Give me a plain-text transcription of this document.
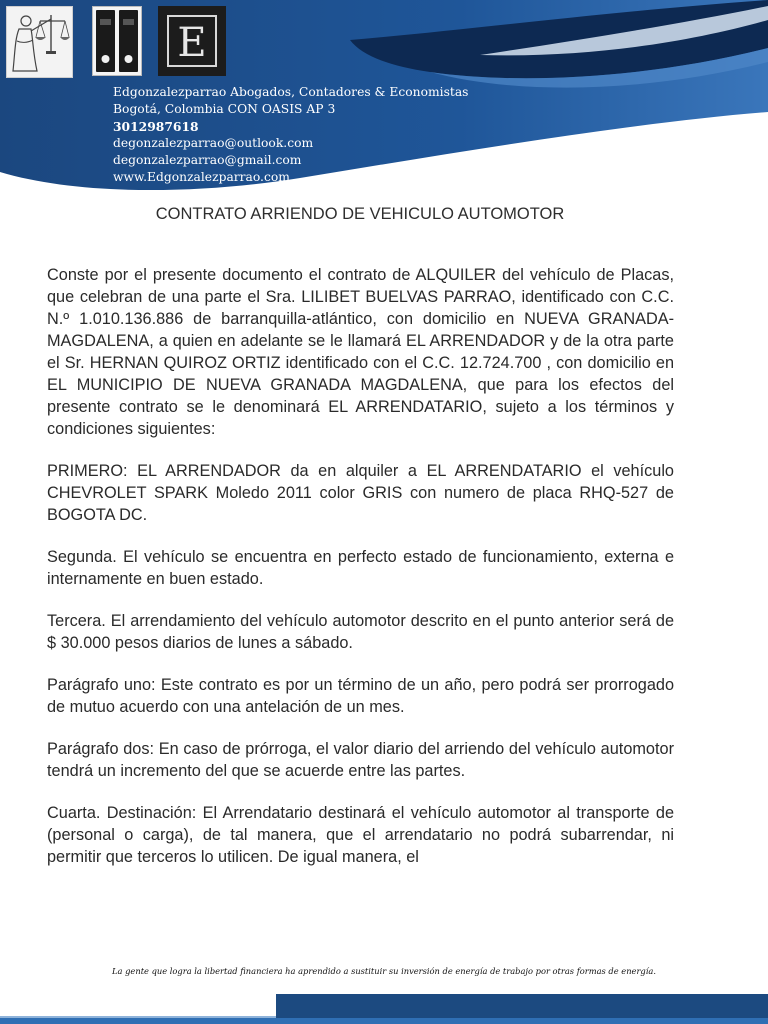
E
Edgonzalezparrao Abogados, Contadores & Economistas
Bogotá, Colombia CON OASIS AP 3
3012987618
degonzalezparrao@outlook.com
degonzalezparrao@gmail.com
www.Edgonzalezparrao.com
CONTRATO ARRIENDO DE VEHICULO AUTOMOTOR

Conste por el presente documento el contrato de ALQUILER del vehículo de Placas, que celebran de una parte el Sra. LILIBET BUELVAS PARRAO, identificado con C.C. N.º 1.010.136.886 de barranquilla-atlántico, con domicilio en NUEVA GRANADA-MAGDALENA, a quien en adelante se le llamará EL ARRENDADOR y de la otra parte el Sr. HERNAN QUIROZ ORTIZ identificado con el C.C. 12.724.700 , con domicilio en EL MUNICIPIO DE NUEVA GRANADA MAGDALENA, que para los efectos del presente contrato se le denominará EL ARRENDATARIO, sujeto a los términos y condiciones siguientes:

PRIMERO: EL ARRENDADOR da en alquiler a EL ARRENDATARIO el vehículo CHEVROLET SPARK Moledo 2011 color GRIS con numero de placa RHQ-527 de BOGOTA DC.

Segunda. El vehículo se encuentra en perfecto estado de funcionamiento, externa e internamente en buen estado.

Tercera. El arrendamiento del vehículo automotor descrito en el punto anterior será de $ 30.000 pesos diarios de lunes a sábado.

Parágrafo uno: Este contrato es por un término de un año, pero podrá ser prorrogado de mutuo acuerdo con una antelación de un mes.

Parágrafo dos: En caso de prórroga, el valor diario del arriendo del vehículo automotor tendrá un incremento del que se acuerde entre las partes.

Cuarta. Destinación: El Arrendatario destinará el vehículo automotor al transporte de (personal o carga), de tal manera, que el arrendatario no podrá subarrendar, ni permitir que terceros lo utilicen. De igual manera, el

La gente que logra la libertad financiera ha aprendido a sustituir su inversión de energía de trabajo por otras formas de energía.
